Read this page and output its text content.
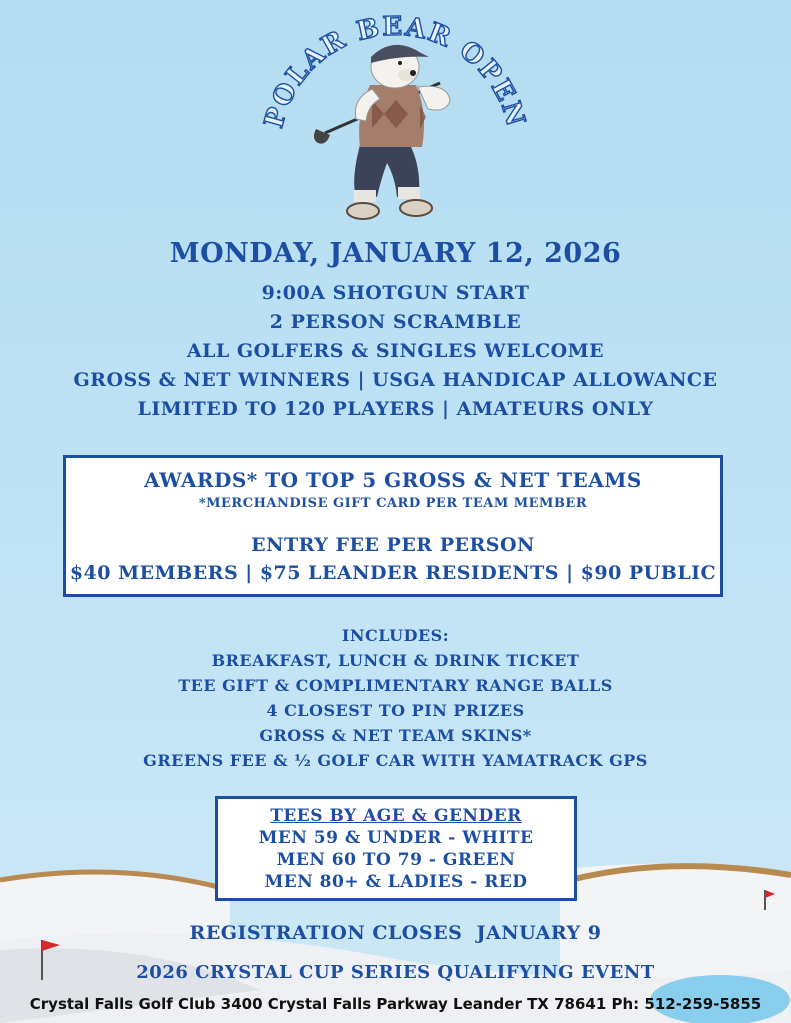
POLAR BEAR OPEN
MONDAY, JANUARY 12, 2026
9:00A SHOTGUN START
2 PERSON SCRAMBLE
ALL GOLFERS & SINGLES WELCOME
GROSS & NET WINNERS | USGA HANDICAP ALLOWANCE
LIMITED TO 120 PLAYERS | AMATEURS ONLY
AWARDS* TO TOP 5 GROSS & NET TEAMS
*MERCHANDISE GIFT CARD PER TEAM MEMBER
ENTRY FEE PER PERSON
$40 MEMBERS | $75 LEANDER RESIDENTS | $90 PUBLIC
INCLUDES:
BREAKFAST, LUNCH & DRINK TICKET
TEE GIFT & COMPLIMENTARY RANGE BALLS
4 CLOSEST TO PIN PRIZES
GROSS & NET TEAM SKINS*
GREENS FEE & ½ GOLF CAR WITH YAMATRACK GPS
TEES BY AGE & GENDER
MEN 59 & UNDER - WHITE
MEN 60 TO 79 - GREEN
MEN 80+ & LADIES - RED
REGISTRATION CLOSES  JANUARY 9
2026 CRYSTAL CUP SERIES QUALIFYING EVENT
Crystal Falls Golf Club 3400 Crystal Falls Parkway Leander TX 78641 Ph: 512-259-5855
